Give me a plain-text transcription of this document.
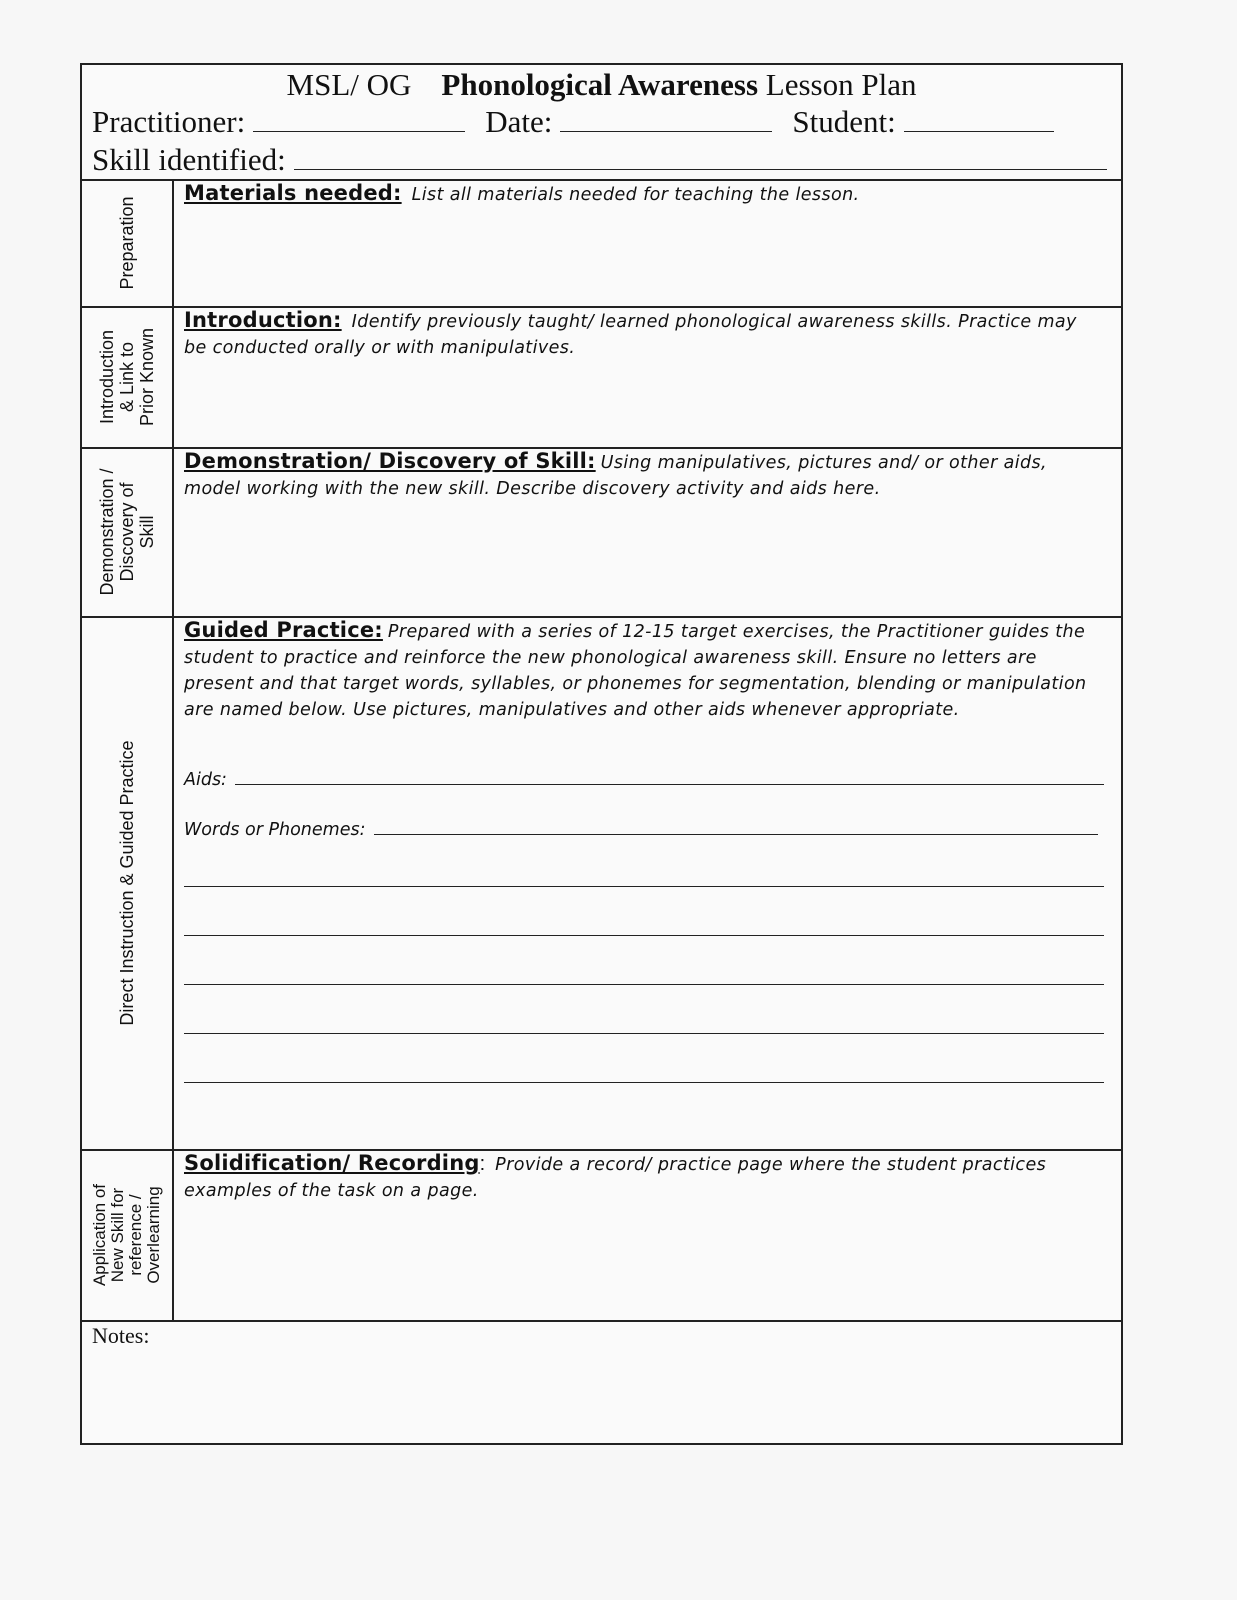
MSL/ OG Phonological Awareness Lesson Plan
Practitioner:	Date:	Student:
Skill identified:
Preparation
Materials needed: List all materials needed for teaching the lesson.
Introduction & Link to Prior Known
Introduction: Identify previously taught/ learned phonological awareness skills. Practice may be conducted orally or with manipulatives.
Demonstration / Discovery of Skill
Demonstration/ Discovery of Skill: Using manipulatives, pictures and/ or other aids, model working with the new skill. Describe discovery activity and aids here.
Direct Instruction & Guided Practice
Guided Practice: Prepared with a series of 12-15 target exercises, the Practitioner guides the student to practice and reinforce the new phonological awareness skill. Ensure no letters are present and that target words, syllables, or phonemes for segmentation, blending or manipulation are named below. Use pictures, manipulatives and other aids whenever appropriate.
Aids:
Words or Phonemes:
Application of New Skill for reference / Overlearning
Solidification/ Recording: Provide a record/ practice page where the student practices examples of the task on a page.
Notes:
